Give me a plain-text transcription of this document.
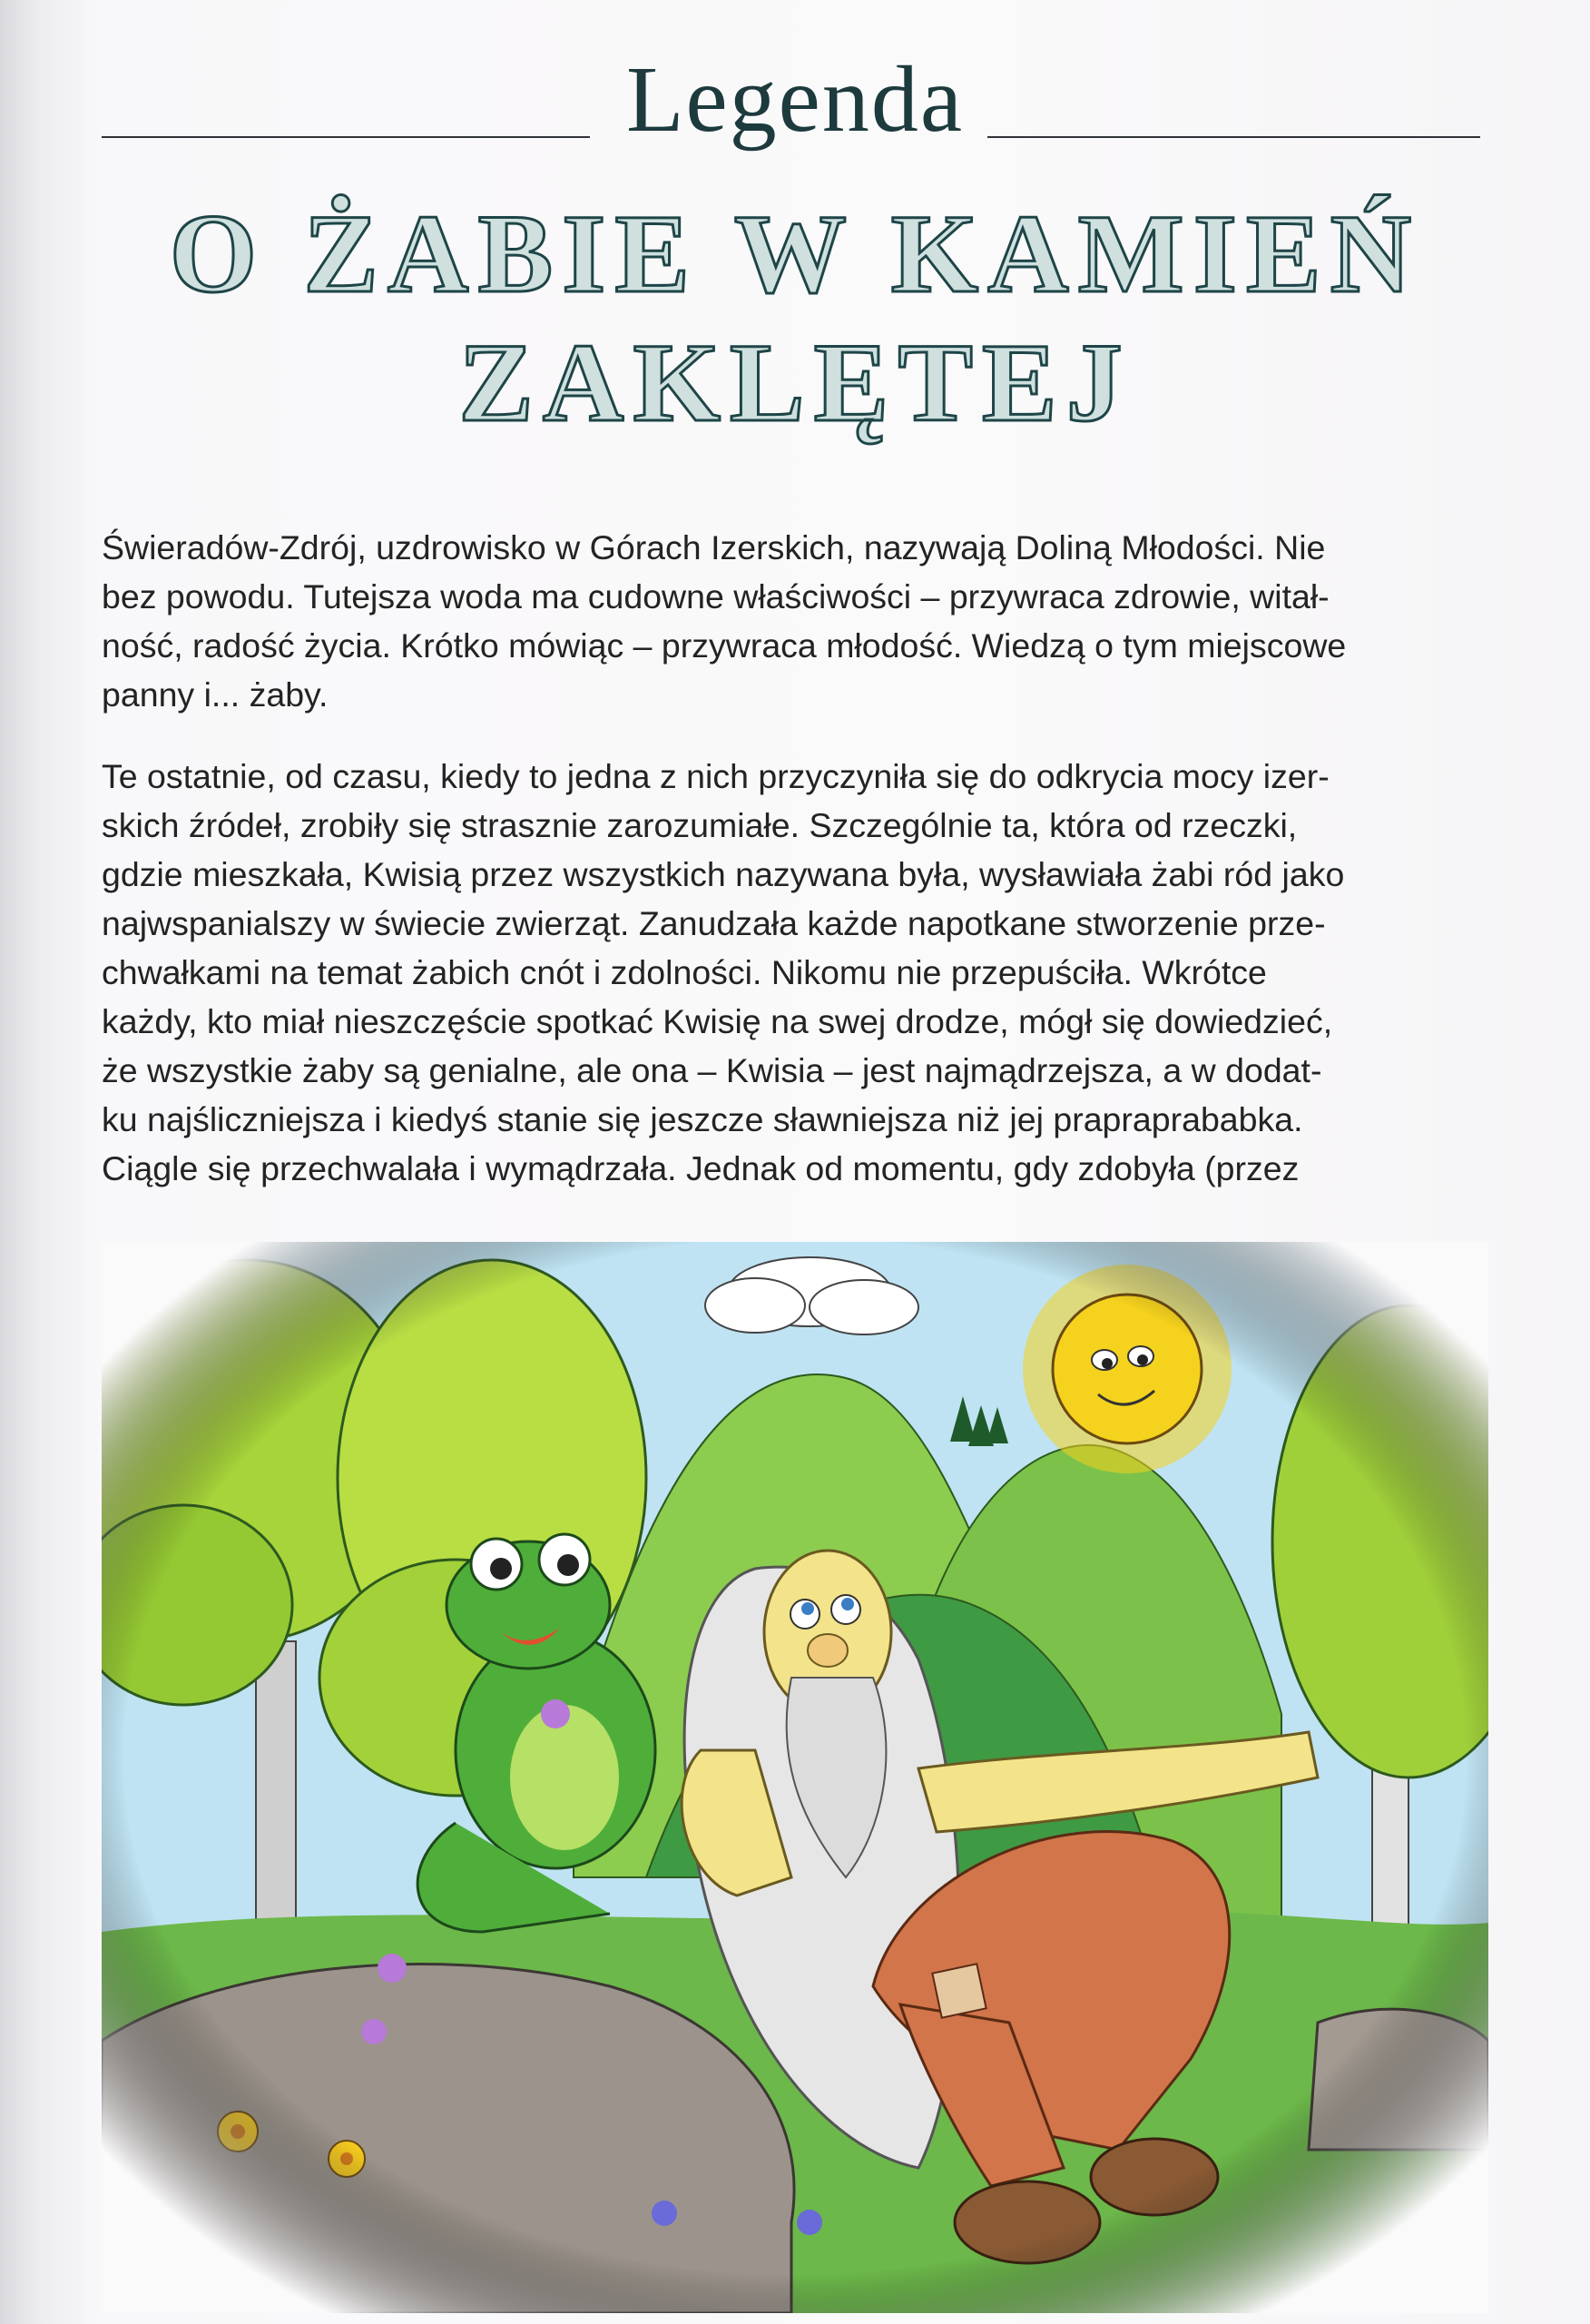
Legenda
O ŻABIE W KAMIEŃ
ZAKLĘTEJ
Świeradów-Zdrój, uzdrowisko w Górach Izerskich, nazywają Doliną Młodości. Nie
bez powodu. Tutejsza woda ma cudowne właściwości – przywraca zdrowie, witał-
ność, radość życia. Krótko mówiąc – przywraca młodość. Wiedzą o tym miejscowe
panny i... żaby.
Te ostatnie, od czasu, kiedy to jedna z nich przyczyniła się do odkrycia mocy izer-
skich źródeł, zrobiły się strasznie zarozumiałe. Szczególnie ta, która od rzeczki,
gdzie mieszkała, Kwisią przez wszystkich nazywana była, wysławiała żabi ród jako
najwspanialszy w świecie zwierząt. Zanudzała każde napotkane stworzenie prze-
chwałkami na temat żabich cnót i zdolności. Nikomu nie przepuściła. Wkrótce
każdy, kto miał nieszczęście spotkać Kwisię na swej drodze, mógł się dowiedzieć,
że wszystkie żaby są genialne, ale ona – Kwisia – jest najmądrzejsza, a w dodat-
ku najśliczniejsza i kiedyś stanie się jeszcze sławniejsza niż jej prapraprababka.
Ciągle się przechwalała i wymądrzała. Jednak od momentu, gdy zdobyła (przez
